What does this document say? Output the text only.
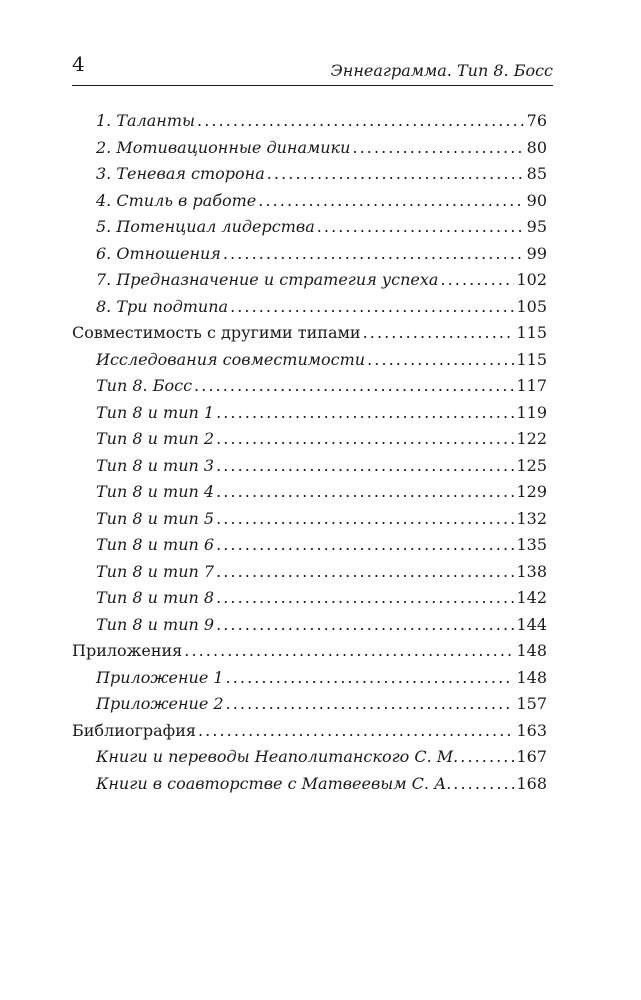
4	Эннеаграмма. Тип 8. Босс
1. Таланты . . .	76
2. Мотивационные динамики . . .	80
3. Теневая сторона . . .	85
4. Стиль в работе . . .	90
5. Потенциал лидерства . . .	95
6. Отношения . . .	99
7. Предназначение и стратегия успеха . . .	102
8. Три подтипа . . .	105
Совместимость с другими типами . . .	115
Исследования совместимости . . .	115
Тип 8. Босс . . .	117
Тип 8 и тип 1 . . .	119
Тип 8 и тип 2 . . .	122
Тип 8 и тип 3 . . .	125
Тип 8 и тип 4 . . .	129
Тип 8 и тип 5 . . .	132
Тип 8 и тип 6 . . .	135
Тип 8 и тип 7 . . .	138
Тип 8 и тип 8 . . .	142
Тип 8 и тип 9 . . .	144
Приложения . . .	148
Приложение 1 . . .	148
Приложение 2 . . .	157
Библиография . . .	163
Книги и переводы Неаполитанского С. М. . . .	167
Книги в соавторстве с Матвеевым С. А. . . .	168
